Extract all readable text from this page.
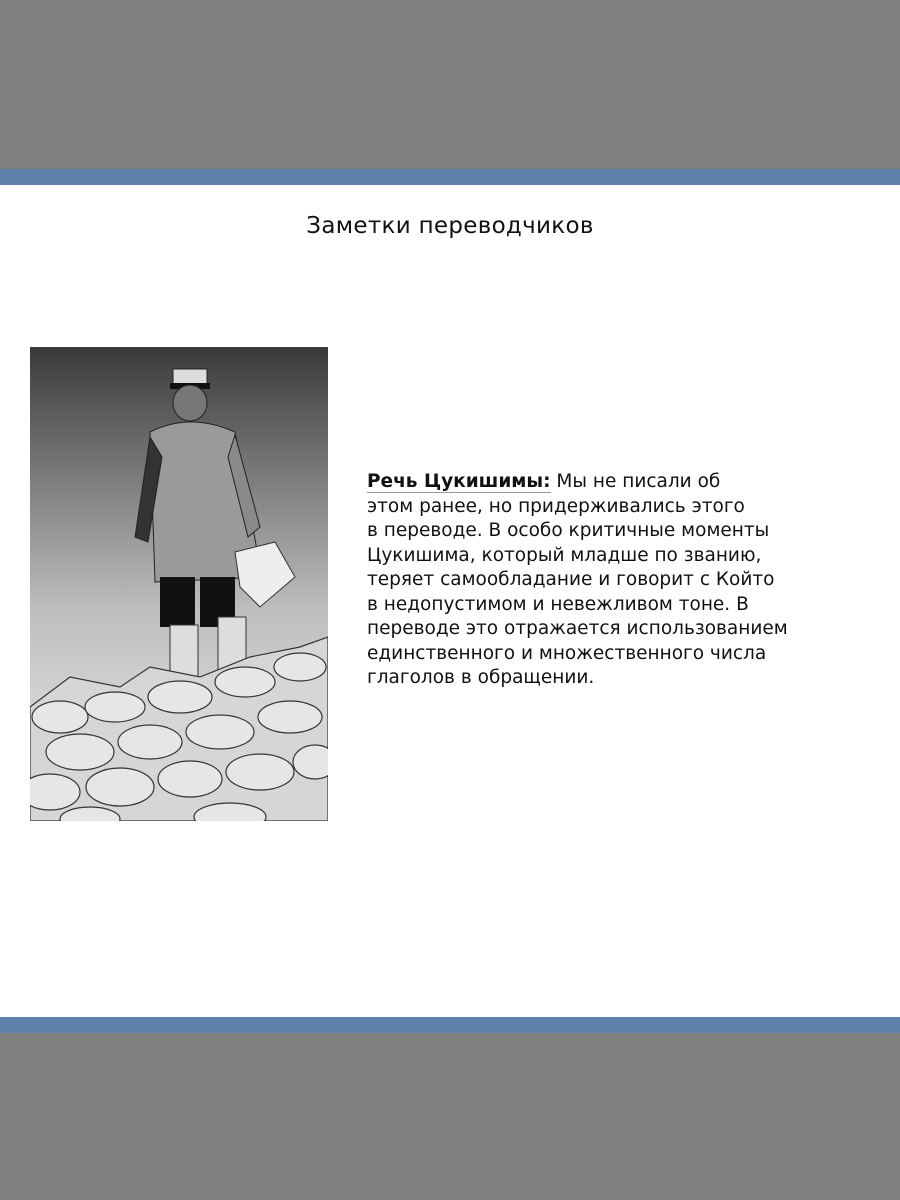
Заметки переводчиков
Речь Цукишимы: Мы не писали об
этом ранее, но придерживались этого
в переводе. В особо критичные моменты
Цукишима, который младше по званию,
теряет самообладание и говорит с Който
в недопустимом и невежливом тоне. В
переводе это отражается использованием
единственного и множественного числа
глаголов в обращении.
